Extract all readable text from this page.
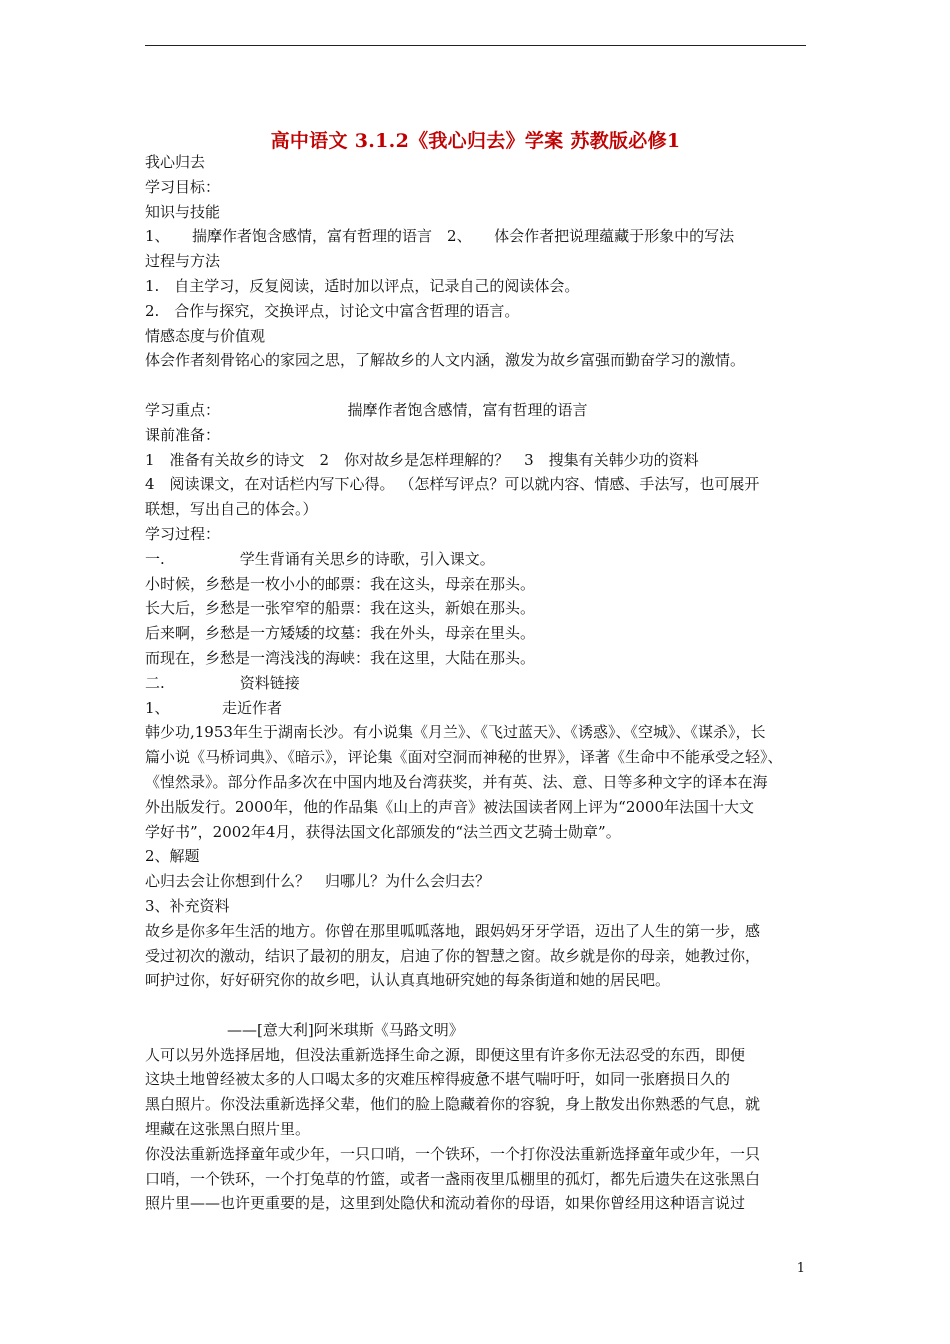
高中语文 3.1.2《我心归去》学案 苏教版必修1
我心归去
学习目标：
知识与技能
1、　　揣摩作者饱含感情，富有哲理的语言　2、　　体会作者把说理蕴藏于形象中的写法
过程与方法
1.　自主学习，反复阅读，适时加以评点，记录自己的阅读体会。
2.　合作与探究，交换评点，讨论文中富含哲理的语言。
情感态度与价值观
体会作者刻骨铭心的家园之思，了解故乡的人文内涵，激发为故乡富强而勤奋学习的激情。
学习重点：　　　　　　　　　揣摩作者饱含感情，富有哲理的语言
课前准备：
1　准备有关故乡的诗文　2　你对故乡是怎样理解的？　3　搜集有关韩少功的资料
4　阅读课文，在对话栏内写下心得。 （怎样写评点？可以就内容、情感、手法写，也可展开
联想，写出自己的体会。）
学习过程：
一.　　　　　学生背诵有关思乡的诗歌，引入课文。
小时候，乡愁是一枚小小的邮票：我在这头，母亲在那头。
长大后，乡愁是一张窄窄的船票：我在这头，新娘在那头。
后来啊，乡愁是一方矮矮的坟墓：我在外头，母亲在里头。
而现在，乡愁是一湾浅浅的海峡：我在这里，大陆在那头。
二.　　　　　资料链接
1、　　　　走近作者
韩少功,1953年生于湖南长沙。有小说集《月兰》、《飞过蓝天》、《诱惑》、《空城》、《谋杀》，长
篇小说《马桥词典》、《暗示》，评论集《面对空洞而神秘的世界》，译著《生命中不能承受之轻》、
《惶然录》。部分作品多次在中国内地及台湾获奖，并有英、法、意、日等多种文字的译本在海
外出版发行。2000年，他的作品集《山上的声音》被法国读者网上评为“2000年法国十大文
学好书”，2002年4月，获得法国文化部颁发的“法兰西文艺骑士勋章”。
2、解题
心归去会让你想到什么？　归哪儿？为什么会归去？
3、补充资料
故乡是你多年生活的地方。你曾在那里呱呱落地，跟妈妈牙牙学语，迈出了人生的第一步，感
受过初次的激动，结识了最初的朋友，启迪了你的智慧之窗。故乡就是你的母亲，她教过你，
呵护过你，好好研究你的故乡吧，认认真真地研究她的每条街道和她的居民吧。
——[意大利]阿米琪斯《马路文明》
人可以另外选择居地，但没法重新选择生命之源，即便这里有许多你无法忍受的东西，即便
这块土地曾经被太多的人口喝太多的灾难压榨得疲惫不堪气喘吁吁，如同一张磨损日久的
黑白照片。你没法重新选择父辈，他们的脸上隐藏着你的容貌，身上散发出你熟悉的气息，就
埋藏在这张黑白照片里。
你没法重新选择童年或少年，一只口哨，一个铁环，一个打你没法重新选择童年或少年，一只
口哨，一个铁环，一个打兔草的竹篮，或者一盏雨夜里瓜棚里的孤灯，都先后遗失在这张黑白
照片里——也许更重要的是，这里到处隐伏和流动着你的母语，如果你曾经用这种语言说过
1
